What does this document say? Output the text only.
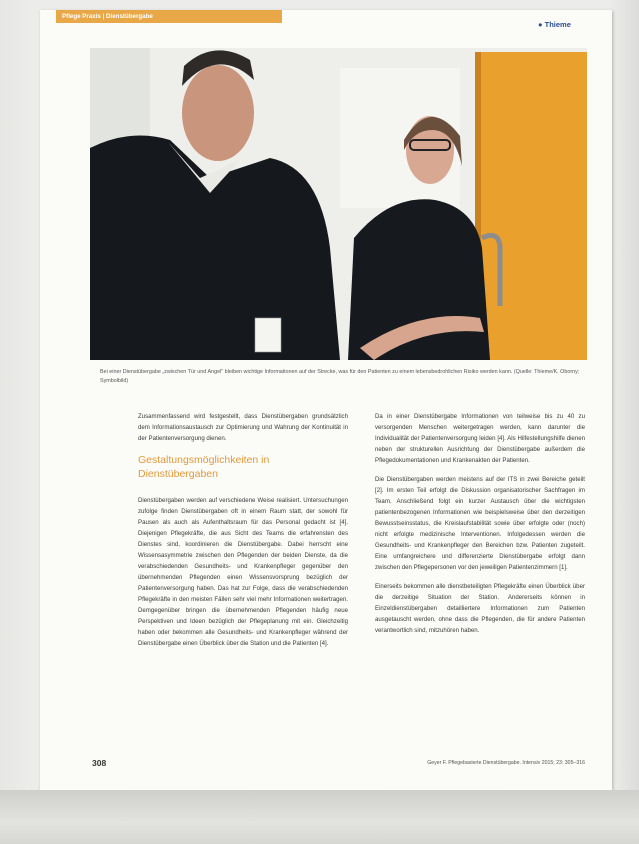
Pflege Praxis | Dienstübergabe
● Thieme
Bei einer Dienstübergabe „zwischen Tür und Angel" bleiben wichtige Informationen auf der Strecke, was für den Patienten zu einem lebensbedrohlichen Risiko werden kann. (Quelle: Thieme/K. Oborny; Symbolbild)

Zusammenfassend wird festgestellt, dass Dienstübergaben grundsätzlich dem Informationsaustausch zur Optimierung und Wahrung der Kontinuität in der Patientenversorgung dienen.

Gestaltungsmöglichkeiten in Dienstübergaben

Dienstübergaben werden auf verschiedene Weise realisiert. Untersuchungen zufolge finden Dienstübergaben oft in einem Raum statt, der sowohl für Pausen als auch als Aufenthaltsraum für das Personal gedacht ist [4]. Diejenigen Pflegekräfte, die aus Sicht des Teams die erfahrensten des Dienstes sind, koordinieren die Dienstübergabe. Dabei herrscht eine Wissensasymmetrie zwischen den Pflegenden der beiden Dienste, da die verabschiedenden Gesundheits- und Krankenpfleger gegenüber den übernehmenden Pflegenden einen Wissensvorsprung bezüglich der Patientenversorgung haben. Das hat zur Folge, dass die verabschiedenden Pflegekräfte in den meisten Fällen sehr viel mehr Informationen weitertragen. Demgegenüber bringen die übernehmenden Pflegenden häufig neue Perspektiven und Ideen bezüglich der Pflegeplanung mit ein. Gleichzeitig haben oder bekommen alle Gesundheits- und Krankenpfleger während der Dienstübergabe einen Überblick über die Station und die Patienten [4].

Da in einer Dienstübergabe Informationen von teilweise bis zu 40 zu versorgenden Menschen weitergetragen werden, kann darunter die Individualität der Patientenversorgung leiden [4]. Als Hilfestellungshilfe dienen neben der strukturellen Ausrichtung der Dienstübergabe außerdem die Pflegedokumentationen und Krankenakten der Patienten.

Die Dienstübergaben werden meistens auf der ITS in zwei Bereiche geteilt [2]. Im ersten Teil erfolgt die Diskussion organisatorischer Sachfragen im Team. Anschließend folgt ein kurzer Austausch über die wichtigsten patientenbezogenen Informationen wie beispielsweise über den derzeitigen Bewusstseinsstatus, die Kreislaufstabilität sowie über erfolgte oder (noch) nicht erfolgte medizinische Interventionen. Infolgedessen werden die Gesundheits- und Krankenpfleger den Bereichen bzw. Patienten zugeteilt. Eine umfangreichere und differenzierte Dienstübergabe erfolgt dann zwischen den Pflegepersonen vor den jeweiligen Patientenzimmern [1].

Einerseits bekommen alle dienstbeteiligten Pflegekräfte einen Überblick über die derzeitige Situation der Station. Andererseits können in Einzeldienstübergaben detailliertere Informationen zum Patienten ausgetauscht werden, ohne dass die Pflegenden, die für andere Patienten verantwortlich sind, mitzuhören haben.

308	Geyer F. Pflegebasierte Dienstübergabe. Intensiv 2015; 23: 305–316
